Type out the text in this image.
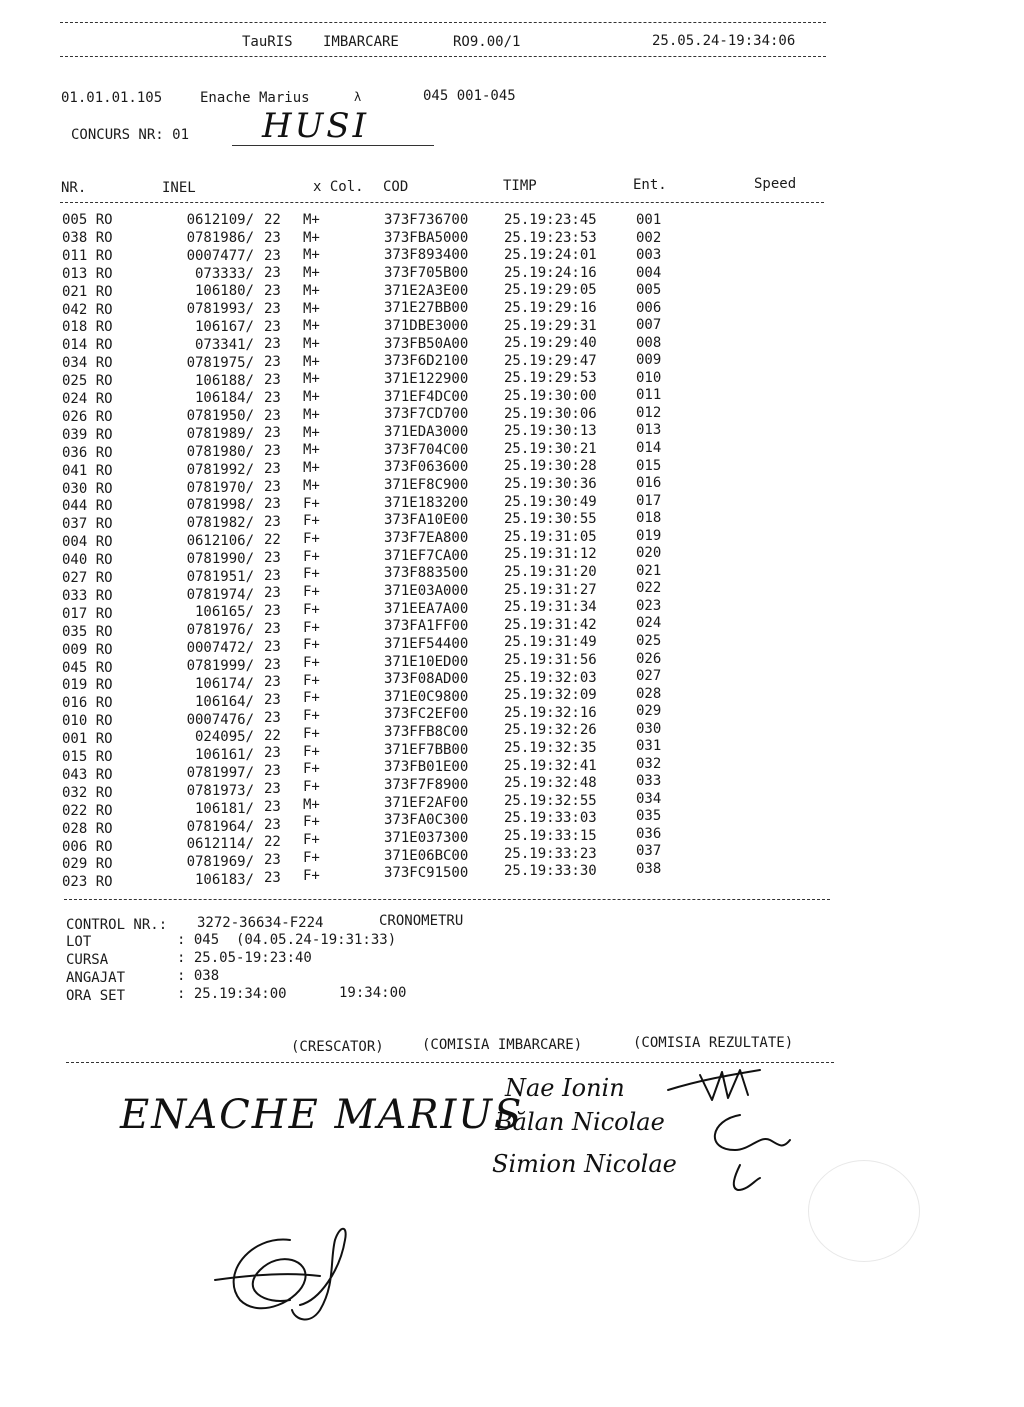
TauRIS IMBARCARE	RO9.00/1	25.05.24-19:34:06
01.01.01.105	Enache Marius	λ	045 001-045
CONCURS NR: 01 HUSI
NR.	INEL	x Col. COD	TIMP	Ent.	Speed
005 RO	0612109/ 22 M+	373F736700	25.19:23:45	001
038 RO	0781986/ 23 M+	373FBA5000	25.19:23:53	002
011 RO	0007477/ 23 M+	373F893400	25.19:24:01	003
013 RO	073333/ 23 M+	373F705B00	25.19:24:16	004
021 RO	106180/ 23 M+	371E2A3E00	25.19:29:05	005
042 RO	0781993/ 23 M+	371E27BB00	25.19:29:16	006
018 RO	106167/ 23 M+	371DBE3000	25.19:29:31	007
014 RO	073341/ 23 M+	373FB50A00	25.19:29:40	008
034 RO	0781975/ 23 M+	373F6D2100	25.19:29:47	009
025 RO	106188/ 23 M+	371E122900	25.19:29:53	010
024 RO	106184/ 23 M+	371EF4DC00	25.19:30:00	011
026 RO	0781950/ 23 M+	373F7CD700	25.19:30:06	012
039 RO	0781989/ 23 M+	371EDA3000	25.19:30:13	013
036 RO	0781980/ 23 M+	373F704C00	25.19:30:21	014
041 RO	0781992/ 23 M+	373F063600	25.19:30:28	015
030 RO	0781970/ 23 M+	371EF8C900	25.19:30:36	016
044 RO	0781998/ 23 F+	371E183200	25.19:30:49	017
037 RO	0781982/ 23 F+	373FA10E00	25.19:30:55	018
004 RO	0612106/ 22 F+	373F7EA800	25.19:31:05	019
040 RO	0781990/ 23 F+	371EF7CA00	25.19:31:12	020
027 RO	0781951/ 23 F+	373F883500	25.19:31:20	021
033 RO	0781974/ 23 F+	371E03A000	25.19:31:27	022
017 RO	106165/ 23 F+	371EEA7A00	25.19:31:34	023
035 RO	0781976/ 23 F+	373FA1FF00	25.19:31:42	024
009 RO	0007472/ 23 F+	371EF54400	25.19:31:49	025
045 RO	0781999/ 23 F+	371E10ED00	25.19:31:56	026
019 RO	106174/ 23 F+	373F08AD00	25.19:32:03	027
016 RO	106164/ 23 F+	371E0C9800	25.19:32:09	028
010 RO	0007476/ 23 F+	373FC2EF00	25.19:32:16	029
001 RO	024095/ 22 F+	373FFB8C00	25.19:32:26	030
015 RO	106161/ 23 F+	371EF7BB00	25.19:32:35	031
043 RO	0781997/ 23 F+	373FB01E00	25.19:32:41	032
032 RO	0781973/ 23 F+	373F7F8900	25.19:32:48	033
022 RO	106181/ 23 M+	371EF2AF00	25.19:32:55	034
028 RO	0781964/ 23 F+	373FA0C300	25.19:33:03	035
006 RO	0612114/ 22 F+	371E037300	25.19:33:15	036
029 RO	0781969/ 23 F+	371E06BC00	25.19:33:23	037
023 RO	106183/ 23 F+	373FC91500	25.19:33:30	038
CONTROL NR.: 3272-36634-F224	CRONOMETRU
LOT	: 045  (04.05.24-19:31:33)
CURSA	: 25.05-19:23:40
ANGAJAT	: 038
ORA SET	: 25.19:34:00	19:34:00
(CRESCATOR)	(COMISIA IMBARCARE)	(COMISIA REZULTATE)
ENACHE MARIUS
Nae Ionin
Bălan Nicolae
Simion Nicolae
